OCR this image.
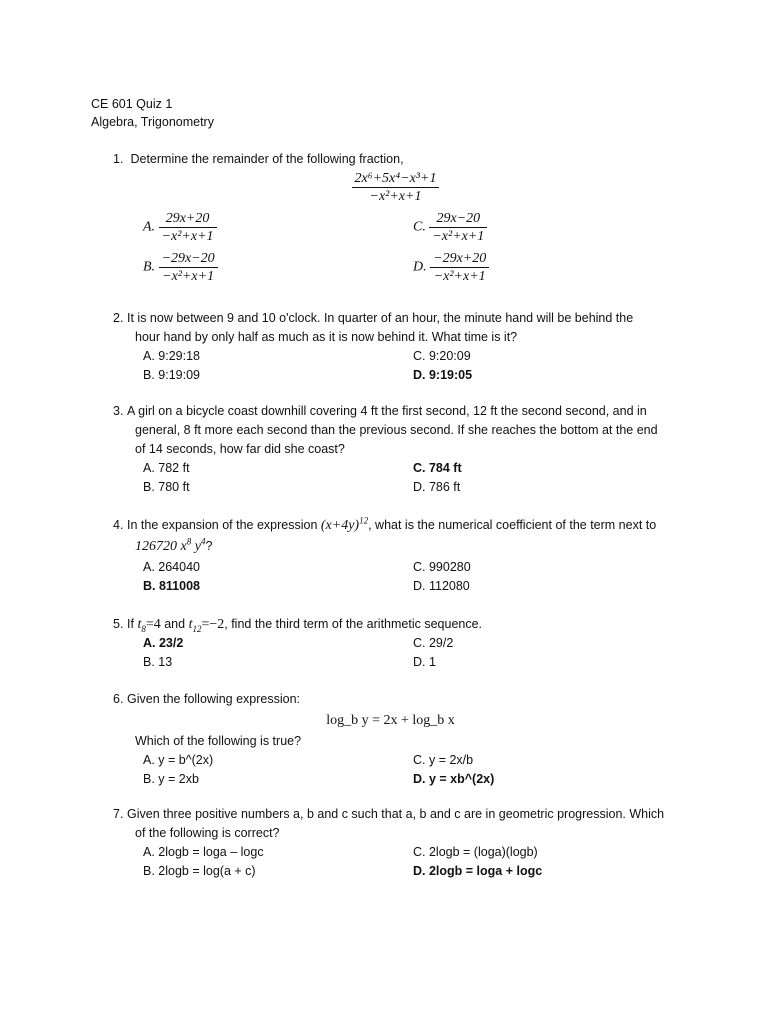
CE 601 Quiz 1
Algebra, Trigonometry
1. Determine the remainder of the following fraction,
$\frac{\text{2x⁶+5x⁴−x³+1}}{\text{−x²+x+1}}$
A. $\frac{29x+20}{\text{−x²+x+1}}$
B. $\frac{-29x-20}{\text{−x²+x+1}}$
C. $\frac{29x-20}{\text{−x²+x+1}}$
D. $\frac{-29x+20}{\text{−x²+x+1}}$
2. It is now between 9 and 10 o'clock. In quarter of an hour, the minute hand will be behind the
hour hand by only half as much as it is now behind it. What time is it?
A. 9:29:18
B. 9:19:09
C. 9:20:09
D. 9:19:05
3. A girl on a bicycle coast downhill covering 4 ft the first second, 12 ft the second second, and in
general, 8 ft more each second than the previous second. If she reaches the bottom at the end
of 14 seconds, how far did she coast?
A. 782 ft
B. 780 ft
C. 784 ft
D. 786 ft
4. In the expansion of the expression $(x+4y)^{12}$, what is the numerical coefficient of the term next to
126720 $x^8$ $y^4$?
A. 264040
B. 811008
C. 990280
D. 112080
5. If $t_8=4$ and $t_{12}=-2$, find the third term of the arithmetic sequence.
A. 23/2
B. 13
C. 29/2
D. 1
6. Given the following expression:
log_b y = 2x + log_b x
Which of the following is true?
A. y = b^(2x)
B. y = 2xb
C. y = 2x/b
D. y = xb^(2x)
7. Given three positive numbers a, b and c such that a, b and c are in geometric progression. Which
of the following is correct?
A. 2logb = loga – logc
B. 2logb = log(a + c)
C. 2logb = (loga)(logb)
D. 2logb = loga + logc
